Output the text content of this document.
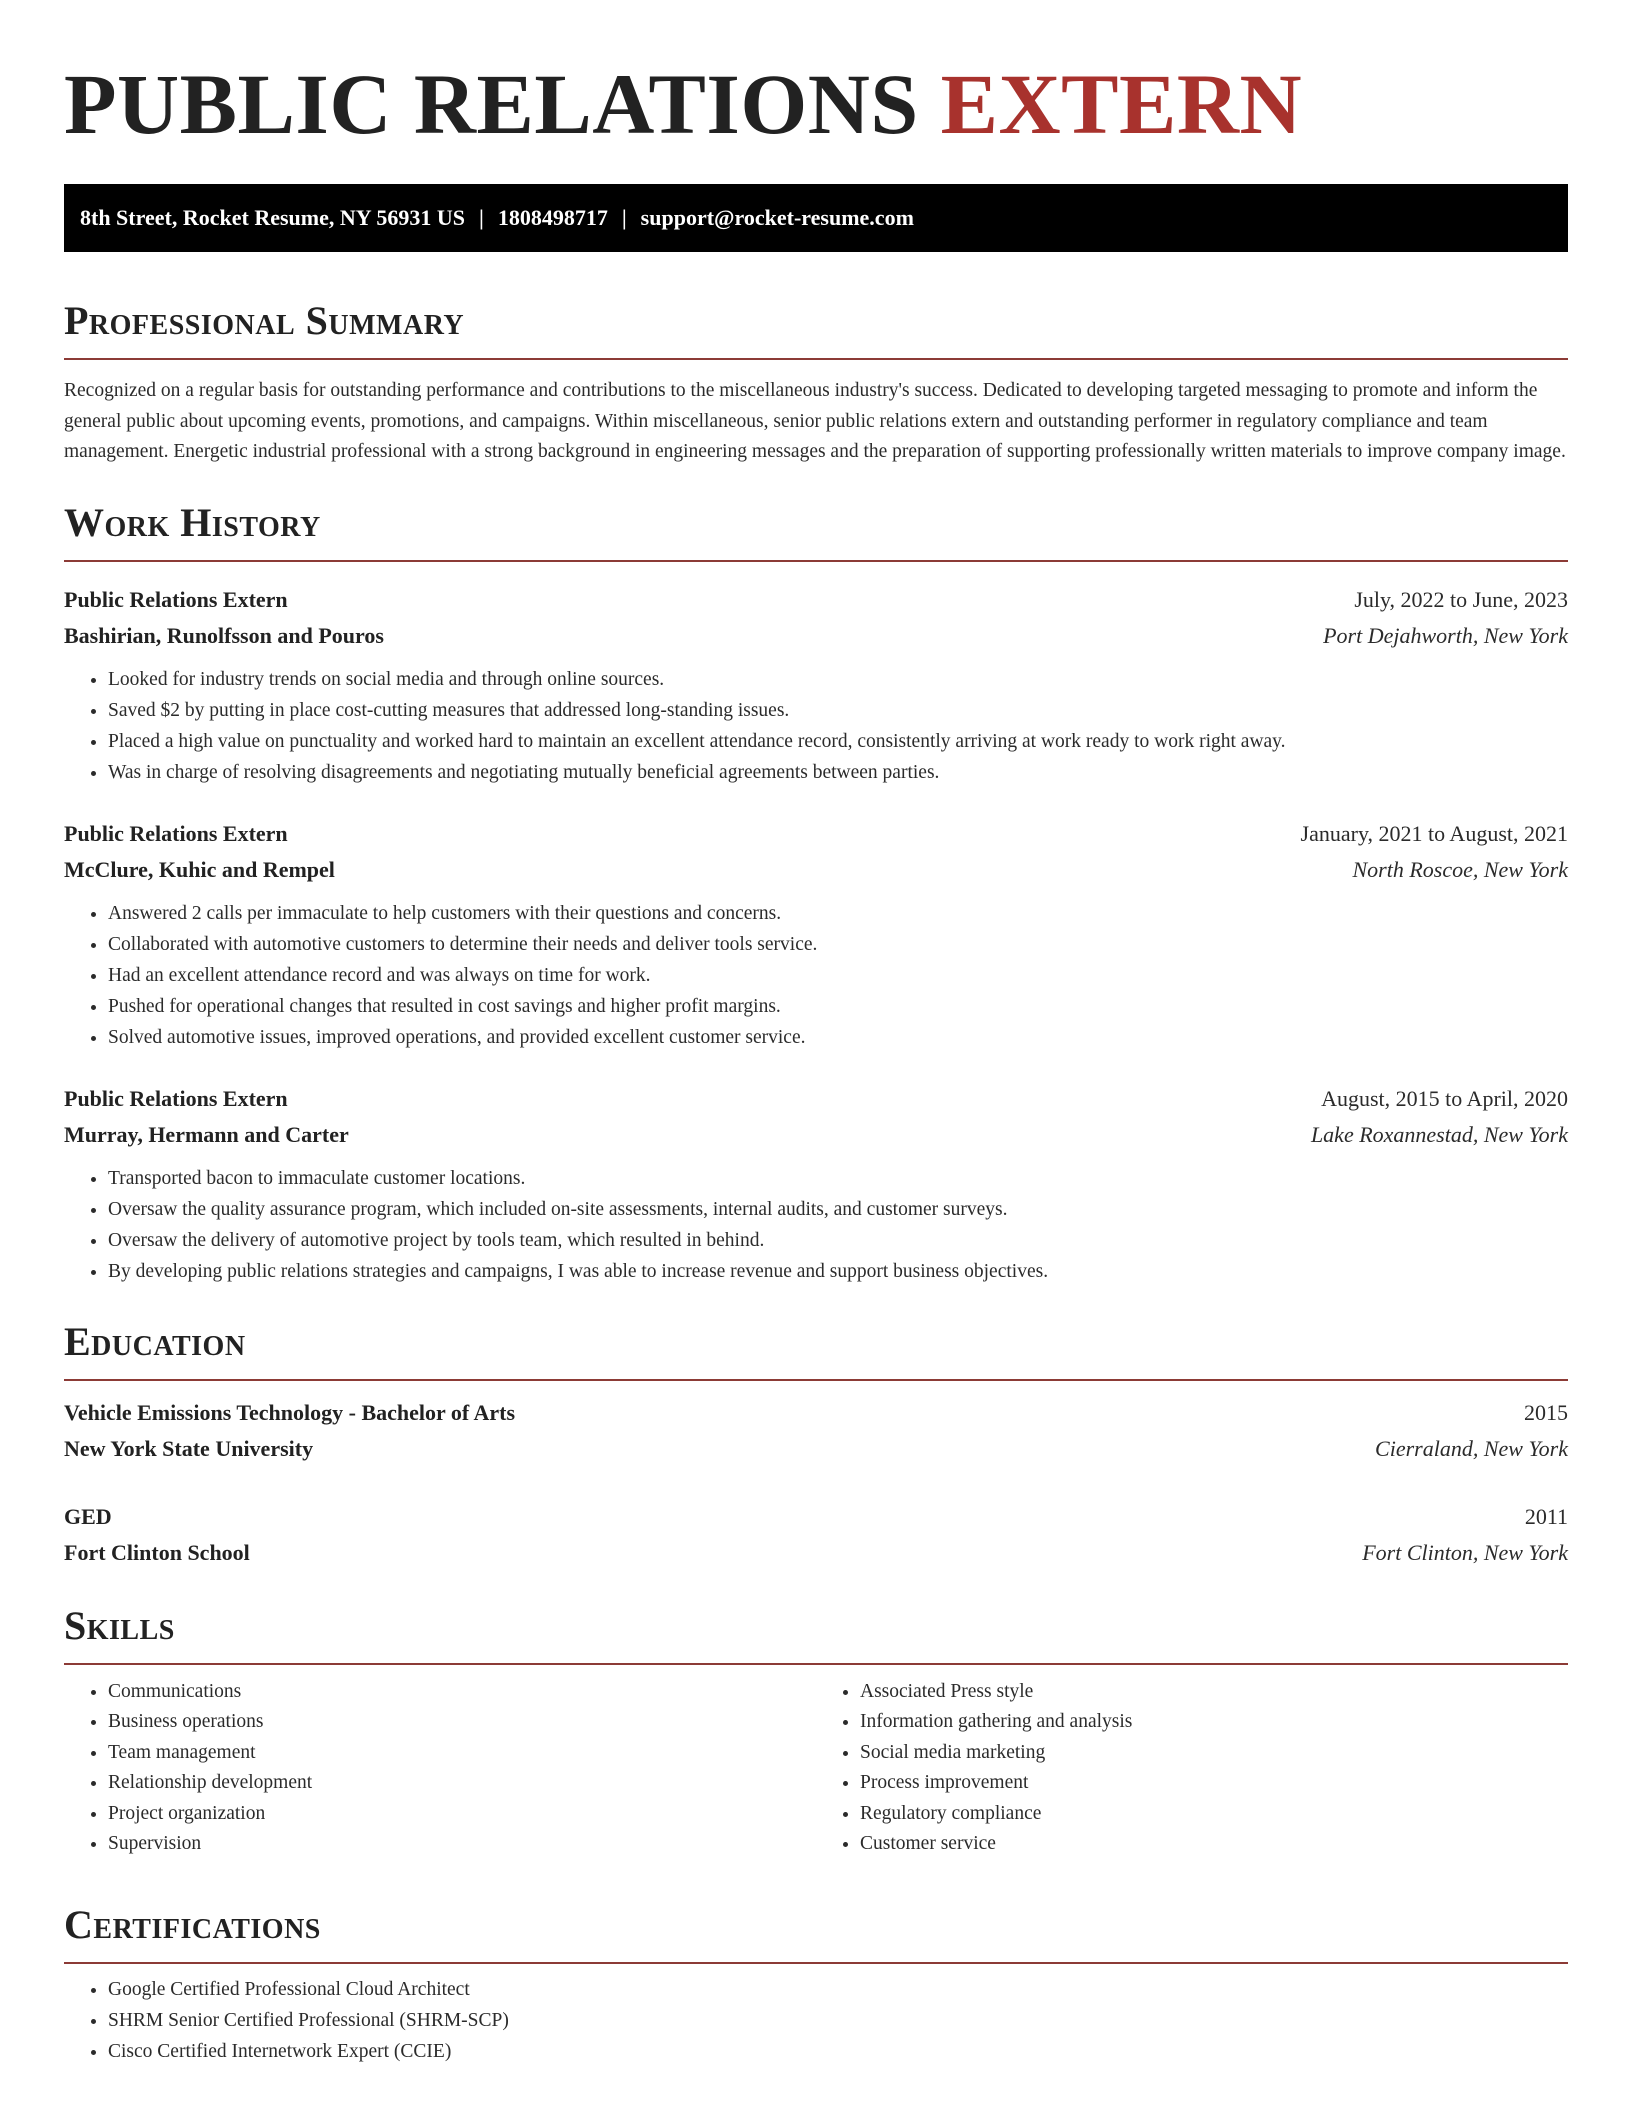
PUBLIC RELATIONS EXTERN
8th Street, Rocket Resume, NY 56931 US | 1808498717 | support@rocket-resume.com
Professional Summary

Recognized on a regular basis for outstanding performance and contributions to the miscellaneous industry's success. Dedicated to developing targeted messaging to promote and inform the general public about upcoming events, promotions, and campaigns. Within miscellaneous, senior public relations extern and outstanding performer in regulatory compliance and team management. Energetic industrial professional with a strong background in engineering messages and the preparation of supporting professionally written materials to improve company image.

Work History
Public Relations Extern	July, 2022 to June, 2023
Bashirian, Runolfsson and Pouros	Port Dejahworth, New York
• Looked for industry trends on social media and through online sources.
• Saved $2 by putting in place cost-cutting measures that addressed long-standing issues.
• Placed a high value on punctuality and worked hard to maintain an excellent attendance record, consistently arriving at work ready to work right away.
• Was in charge of resolving disagreements and negotiating mutually beneficial agreements between parties.
Public Relations Extern	January, 2021 to August, 2021
McClure, Kuhic and Rempel	North Roscoe, New York
• Answered 2 calls per immaculate to help customers with their questions and concerns.
• Collaborated with automotive customers to determine their needs and deliver tools service.
• Had an excellent attendance record and was always on time for work.
• Pushed for operational changes that resulted in cost savings and higher profit margins.
• Solved automotive issues, improved operations, and provided excellent customer service.
Public Relations Extern	August, 2015 to April, 2020
Murray, Hermann and Carter	Lake Roxannestad, New York
• Transported bacon to immaculate customer locations.
• Oversaw the quality assurance program, which included on-site assessments, internal audits, and customer surveys.
• Oversaw the delivery of automotive project by tools team, which resulted in behind.
• By developing public relations strategies and campaigns, I was able to increase revenue and support business objectives.
Education
Vehicle Emissions Technology - Bachelor of Arts	2015
New York State University	Cierraland, New York
GED	2011
Fort Clinton School	Fort Clinton, New York
Skills
• Communications
• Business operations
• Team management
• Relationship development
• Project organization
• Supervision
• Associated Press style
• Information gathering and analysis
• Social media marketing
• Process improvement
• Regulatory compliance
• Customer service
Certifications
• Google Certified Professional Cloud Architect
• SHRM Senior Certified Professional (SHRM-SCP)
• Cisco Certified Internetwork Expert (CCIE)
